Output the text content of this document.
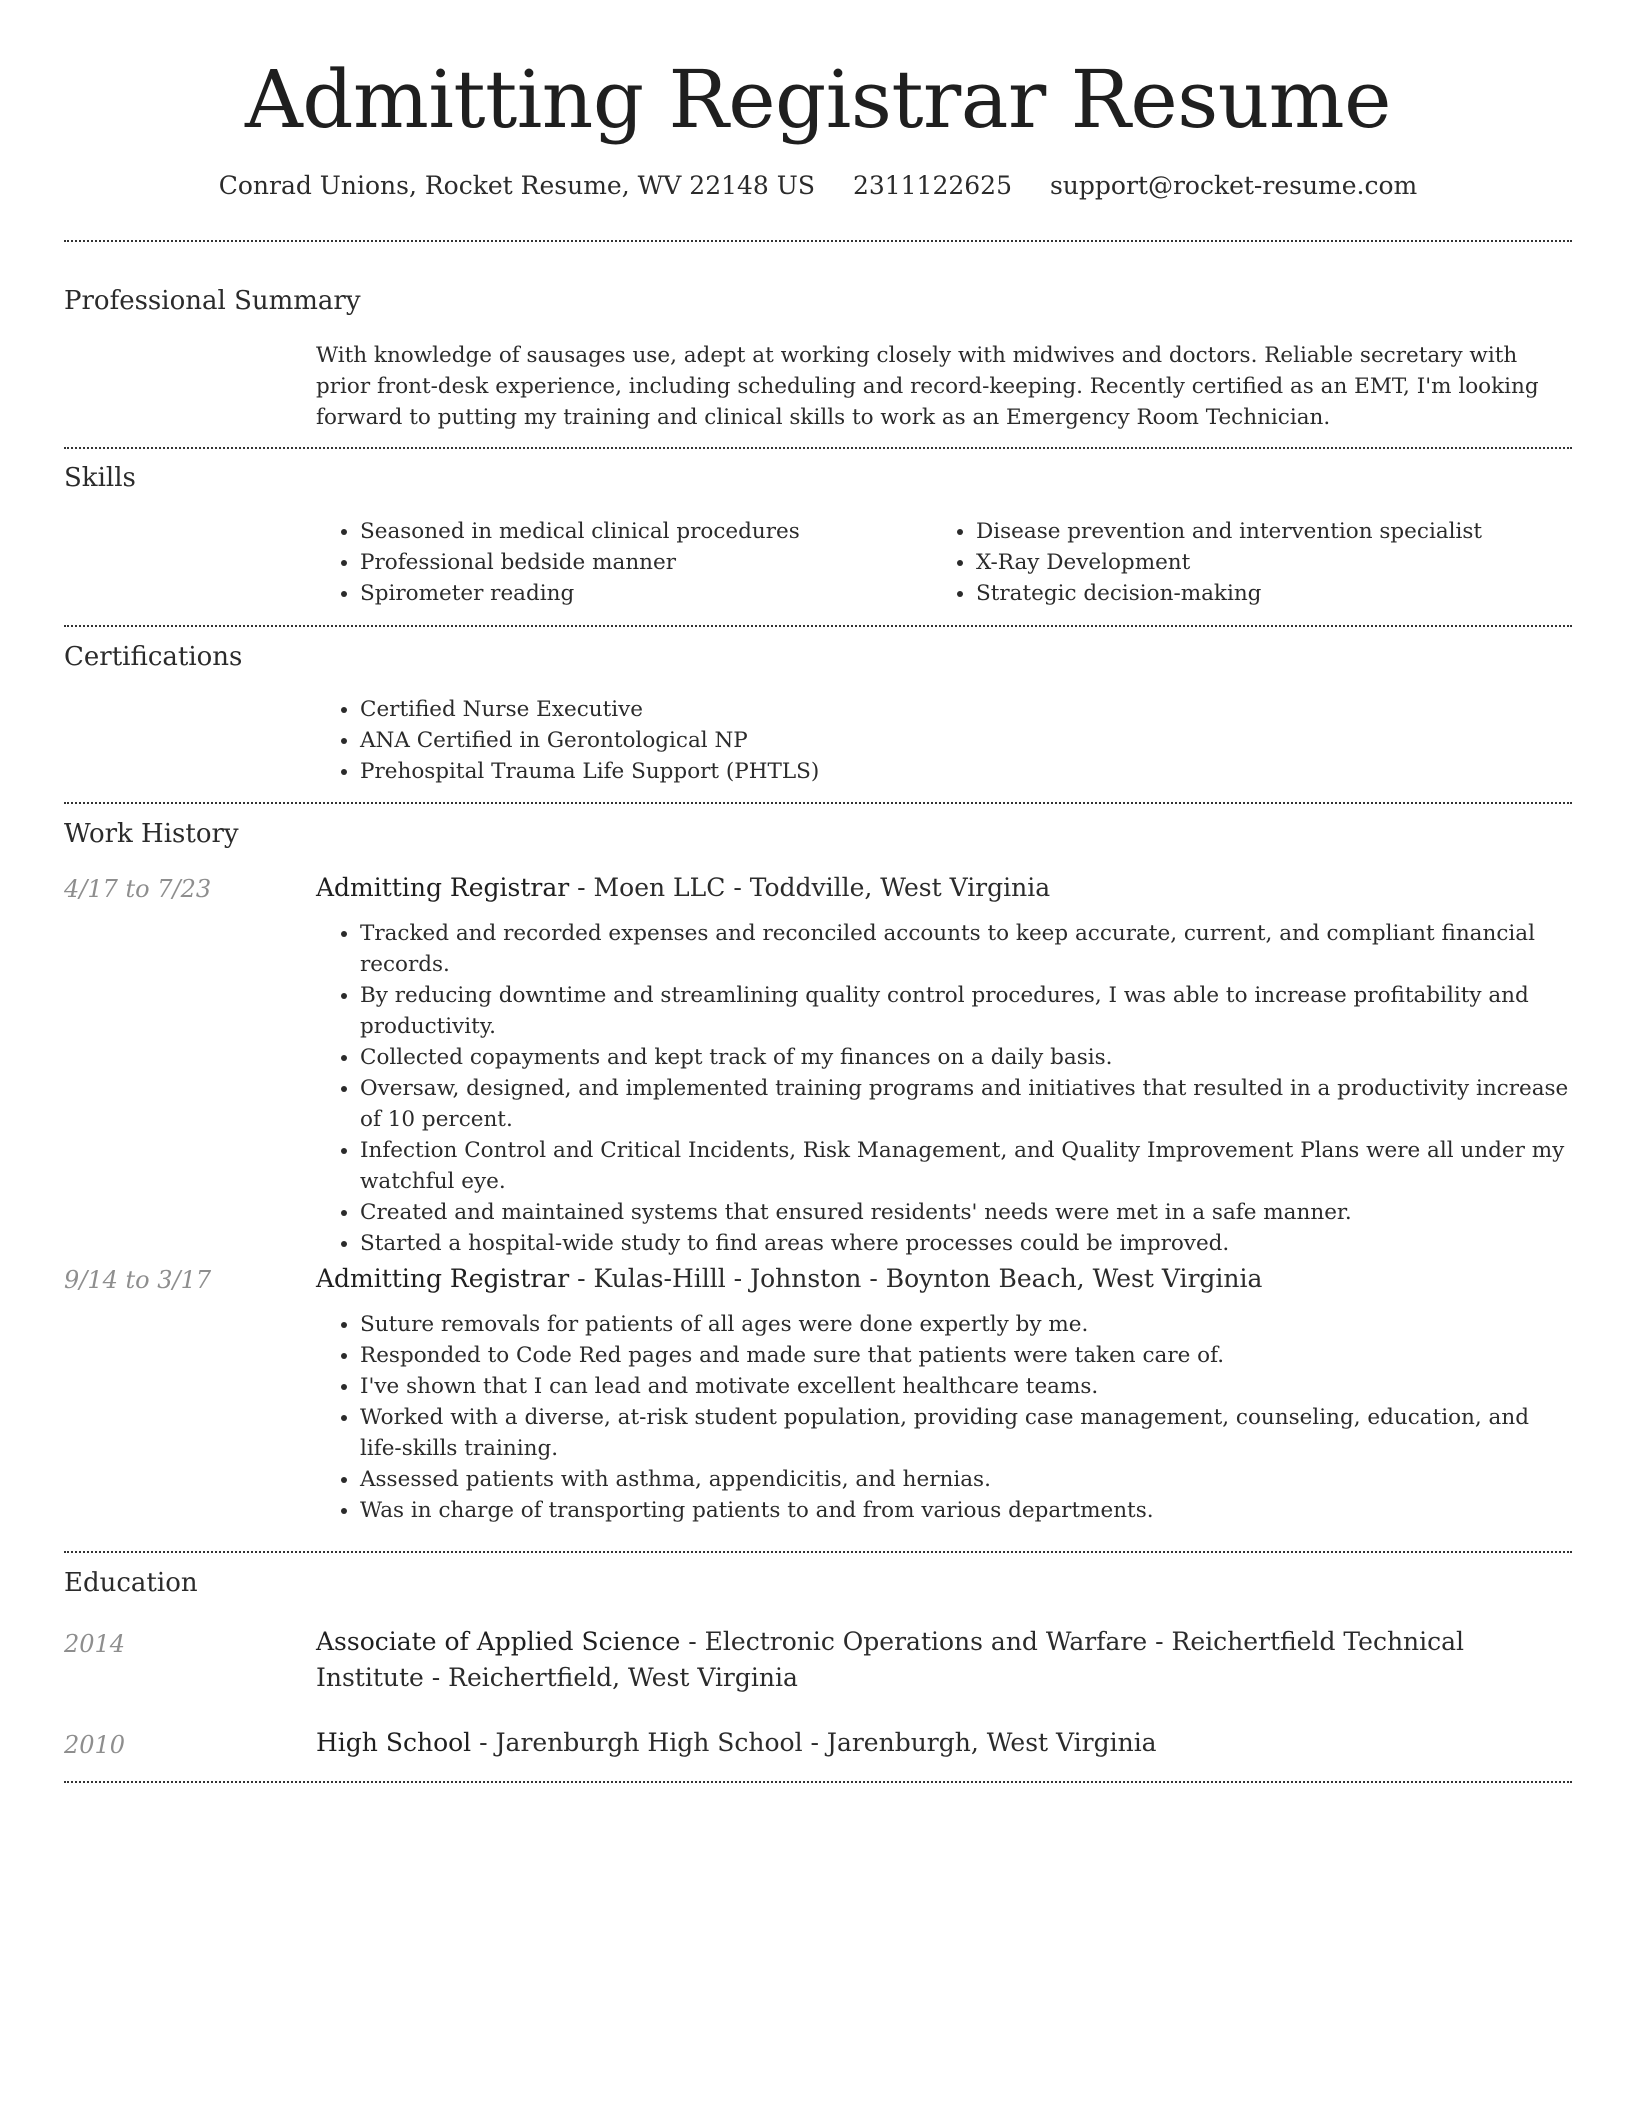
Admitting Registrar Resume
Conrad Unions, Rocket Resume, WV 22148 US 2311122625 support@rocket-resume.com
Professional Summary

With knowledge of sausages use, adept at working closely with midwives and doctors. Reliable secretary with prior front-desk experience, including scheduling and record-keeping. Recently certified as an EMT, I'm looking forward to putting my training and clinical skills to work as an Emergency Room Technician.

Skills
• Seasoned in medical clinical procedures
• Professional bedside manner
• Spirometer reading
• Disease prevention and intervention specialist
• X-Ray Development
• Strategic decision-making
Certifications
• Certified Nurse Executive
• ANA Certified in Gerontological NP
• Prehospital Trauma Life Support (PHTLS)
Work History
4/17 to 7/23	Admitting Registrar - Moen LLC - Toddville, West Virginia

• Tracked and recorded expenses and reconciled accounts to keep accurate, current, and compliant financial records.
• By reducing downtime and streamlining quality control procedures, I was able to increase profitability and productivity.
• Collected copayments and kept track of my finances on a daily basis.
• Oversaw, designed, and implemented training programs and initiatives that resulted in a productivity increase of 10 percent.
• Infection Control and Critical Incidents, Risk Management, and Quality Improvement Plans were all under my watchful eye.
• Created and maintained systems that ensured residents' needs were met in a safe manner.
• Started a hospital-wide study to find areas where processes could be improved.
9/14 to 3/17	Admitting Registrar - Kulas-Hilll - Johnston - Boynton Beach, West Virginia

• Suture removals for patients of all ages were done expertly by me.
• Responded to Code Red pages and made sure that patients were taken care of.
• I've shown that I can lead and motivate excellent healthcare teams.
• Worked with a diverse, at-risk student population, providing case management, counseling, education, and life-skills training.
• Assessed patients with asthma, appendicitis, and hernias.
• Was in charge of transporting patients to and from various departments.
Education
2014	Associate of Applied Science - Electronic Operations and Warfare - Reichertfield Technical Institute - Reichertfield, West Virginia

2010	High School - Jarenburgh High School - Jarenburgh, West Virginia
